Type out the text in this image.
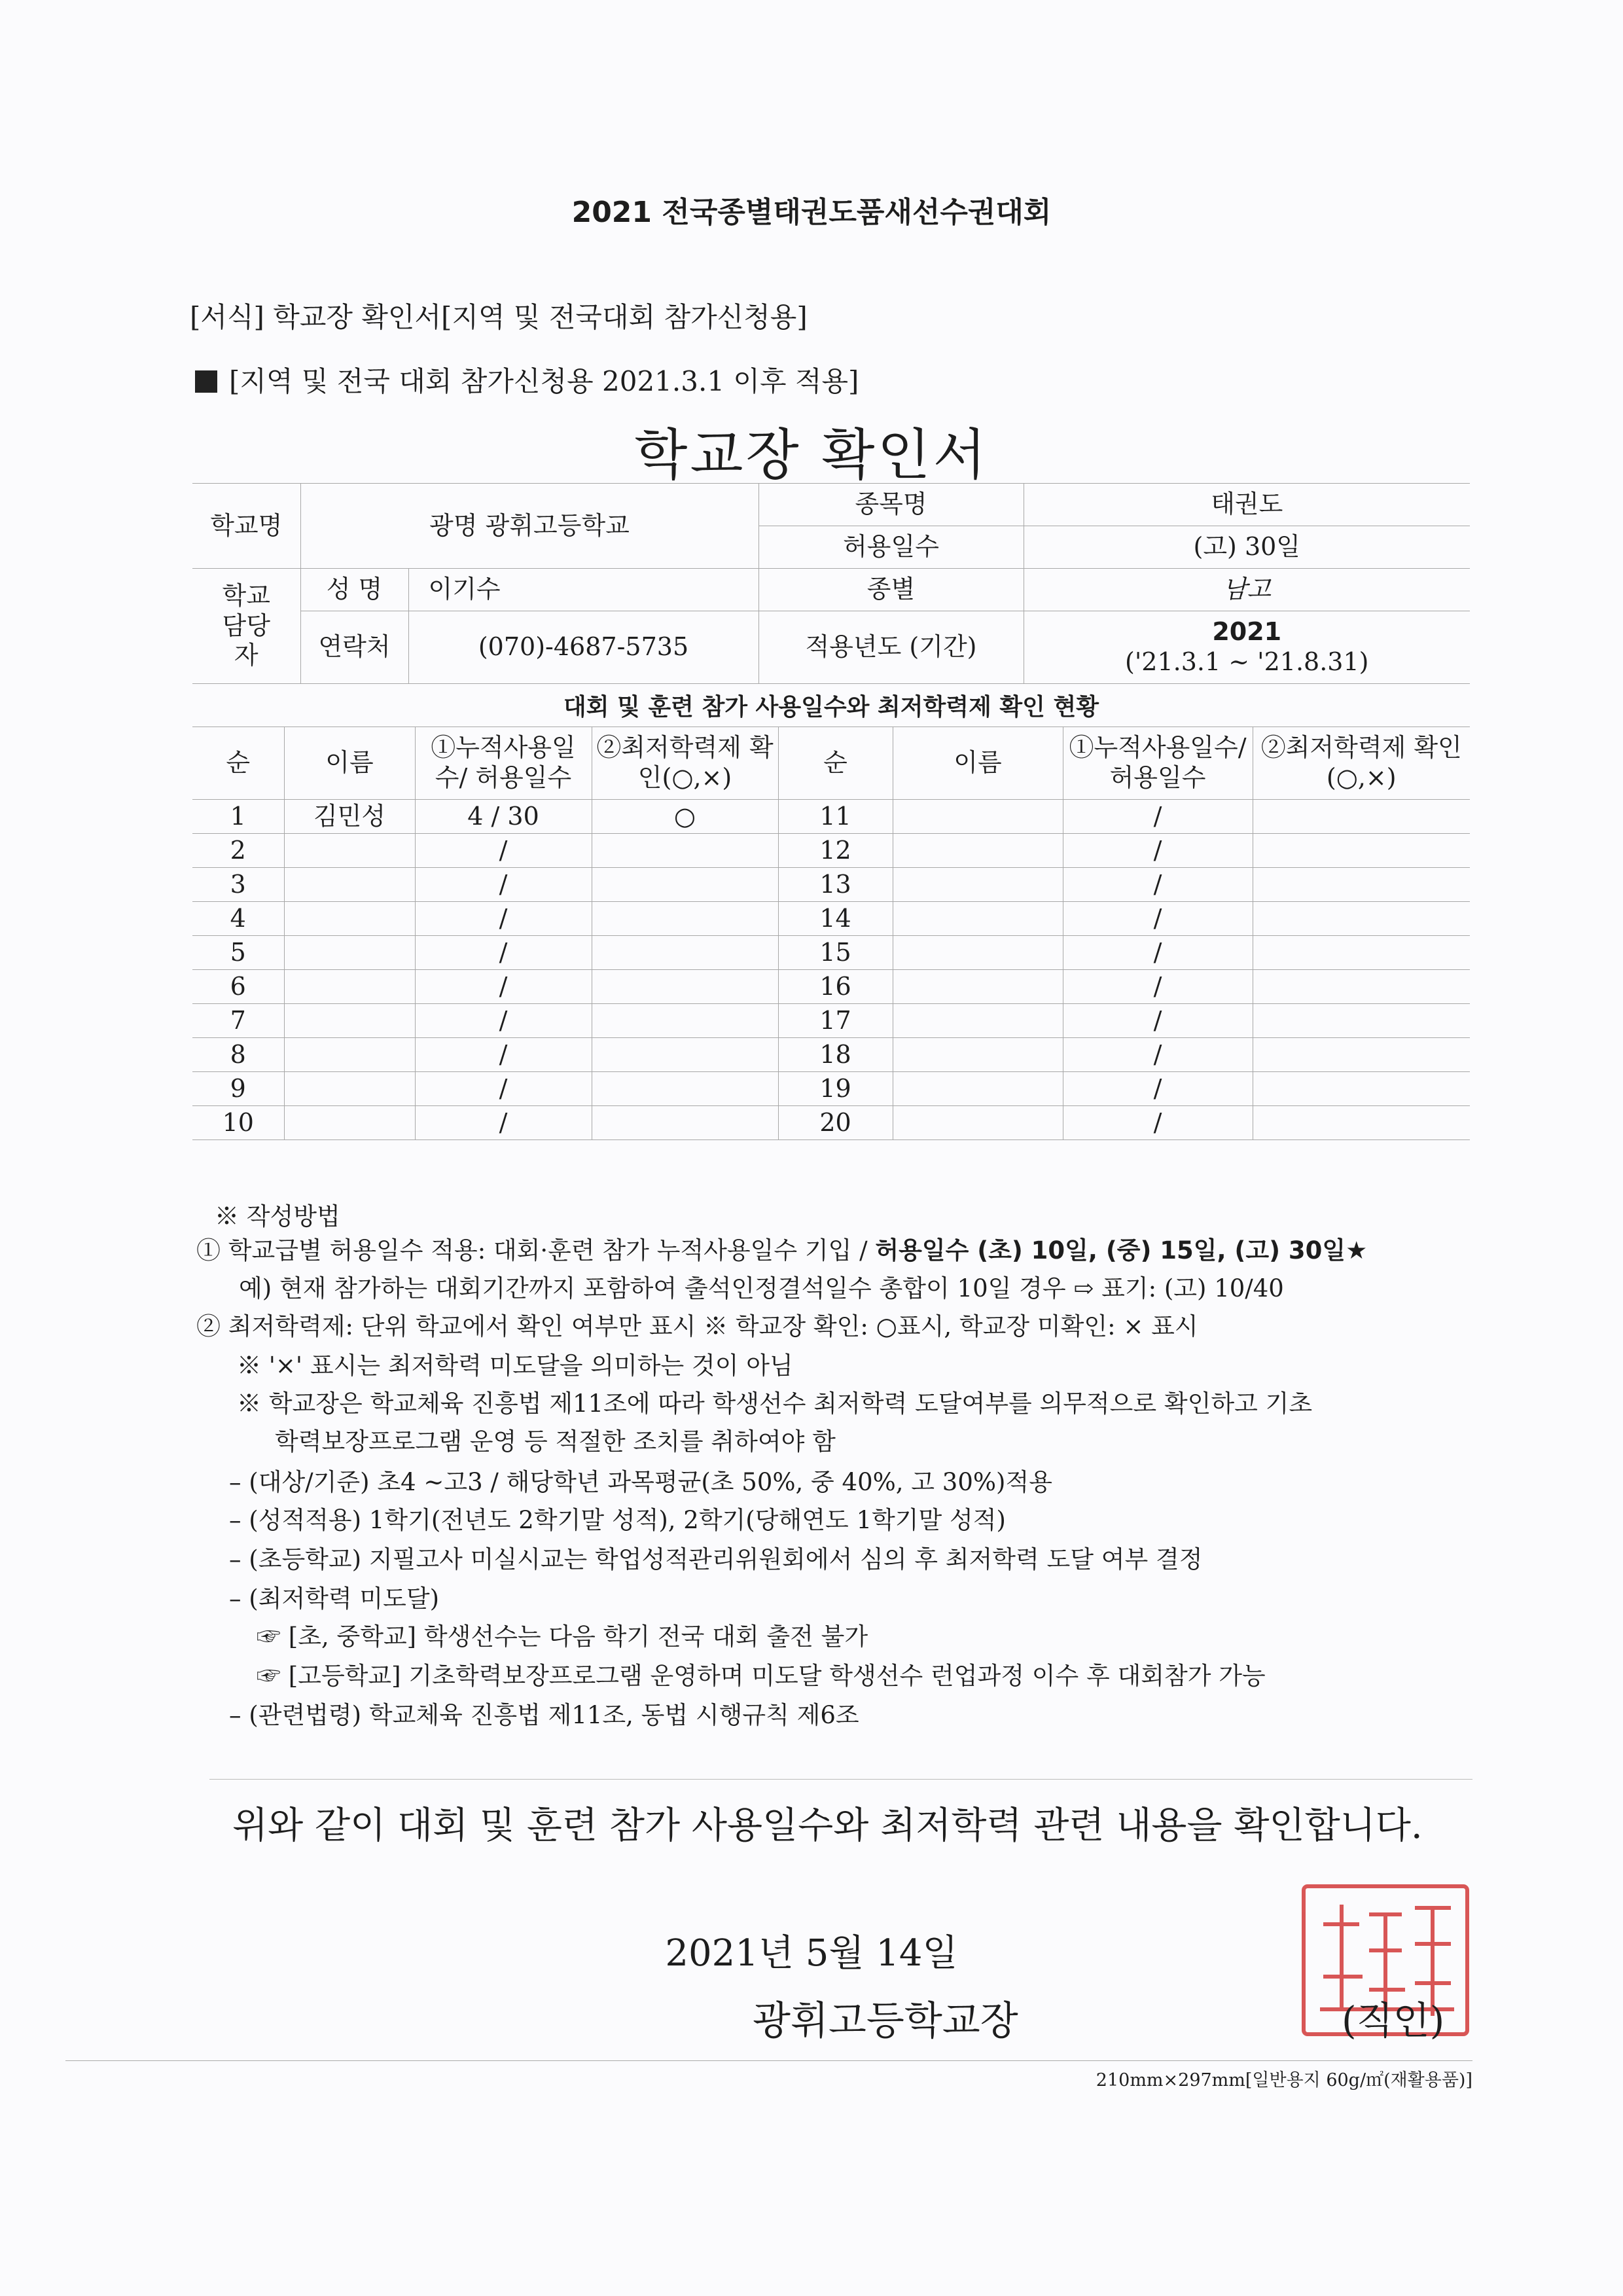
2021 전국종별태권도품새선수권대회
[서식] 학교장 확인서[지역 및 전국대회 참가신청용]
[지역 및 전국 대회 참가신청용 2021.3.1 이후 적용]
학교장 확인서
학교명	광명 광휘고등학교		종목명	태권도
			허용일수	(고) 30일
학교 담당자	성 명	이기수	종별	남고
	연락처	(070)-4687-5735	적용년도 (기간)	2021
('21.3.1 ~ '21.8.31)
대회 및 훈련 참가 사용일수와 최저학력제 확인 현황
순	이름	①누적사용일수/ 허용일수	②최저학력제 확인(○,×)	순	이름	①누적사용일수/ 허용일수	②최저학력제 확인(○,×)
1	김민성	4 / 30	○	11		/	
2		/		12		/	
3		/		13		/	
4		/		14		/	
5		/		15		/	
6		/		16		/	
7		/		17		/	
8		/		18		/	
9		/		19		/	
10		/		20		/	
※ 작성방법
① 학교급별 허용일수 적용: 대회·훈련 참가 누적사용일수 기입 / 허용일수 (초) 10일, (중) 15일, (고) 30일★
예) 현재 참가하는 대회기간까지 포함하여 출석인정결석일수 총합이 10일 경우 ⇨ 표기: (고) 10/40
② 최저학력제: 단위 학교에서 확인 여부만 표시 ※ 학교장 확인: ○표시, 학교장 미확인: × 표시
※ '×' 표시는 최저학력 미도달을 의미하는 것이 아님
※ 학교장은 학교체육 진흥법 제11조에 따라 학생선수 최저학력 도달여부를 의무적으로 확인하고 기초
학력보장프로그램 운영 등 적절한 조치를 취하여야 함
– (대상/기준) 초4 ~고3 / 해당학년 과목평균(초 50%, 중 40%, 고 30%)적용
– (성적적용) 1학기(전년도 2학기말 성적), 2학기(당해연도 1학기말 성적)
– (초등학교) 지필고사 미실시교는 학업성적관리위원회에서 심의 후 최저학력 도달 여부 결정
– (최저학력 미도달)
☞ [초, 중학교] 학생선수는 다음 학기 전국 대회 출전 불가
☞ [고등학교] 기초학력보장프로그램 운영하며 미도달 학생선수 런업과정 이수 후 대회참가 가능
– (관련법령) 학교체육 진흥법 제11조, 동법 시행규칙 제6조
위와 같이 대회 및 훈련 참가 사용일수와 최저학력 관련 내용을 확인합니다.
2021년 5월 14일
광휘고등학교장	(직인)
210mm×297mm[일반용지 60g/㎡(재활용품)]
